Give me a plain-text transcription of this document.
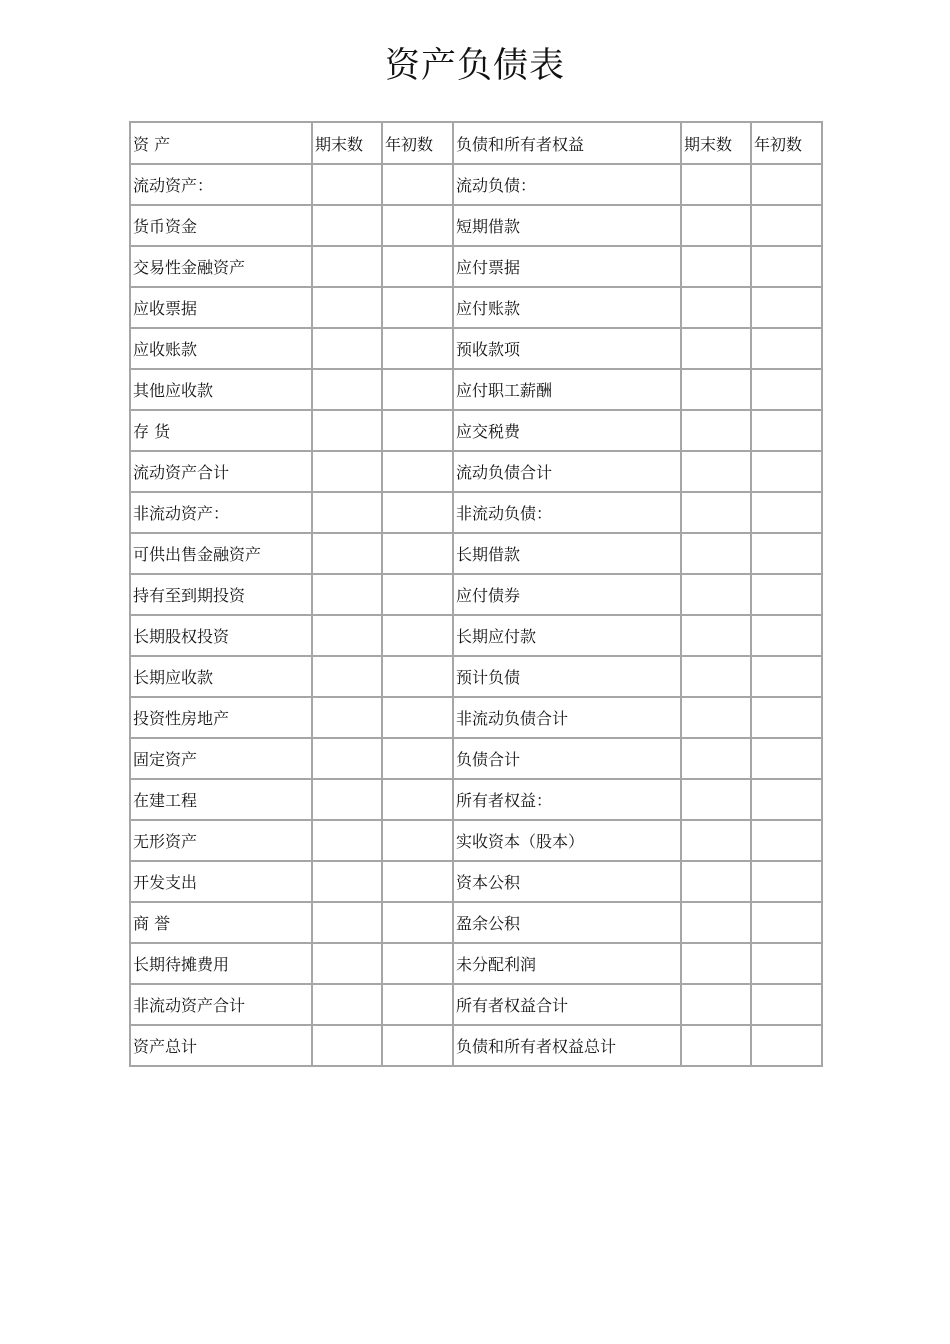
资产负债表
资 产	期末数	年初数	负债和所有者权益	期末数	年初数
流动资产：			流动负债：		
货币资金			短期借款		
交易性金融资产			应付票据		
应收票据			应付账款		
应收账款			预收款项		
其他应收款			应付职工薪酬		
存 货			应交税费		
流动资产合计			流动负债合计		
非流动资产：			非流动负债：		
可供出售金融资产			长期借款		
持有至到期投资			应付债券		
长期股权投资			长期应付款		
长期应收款			预计负债		
投资性房地产			非流动负债合计		
固定资产			负债合计		
在建工程			所有者权益：		
无形资产			实收资本（股本）		
开发支出			资本公积		
商 誉			盈余公积		
长期待摊费用			未分配利润		
非流动资产合计			所有者权益合计		
资产总计			负债和所有者权益总计		
